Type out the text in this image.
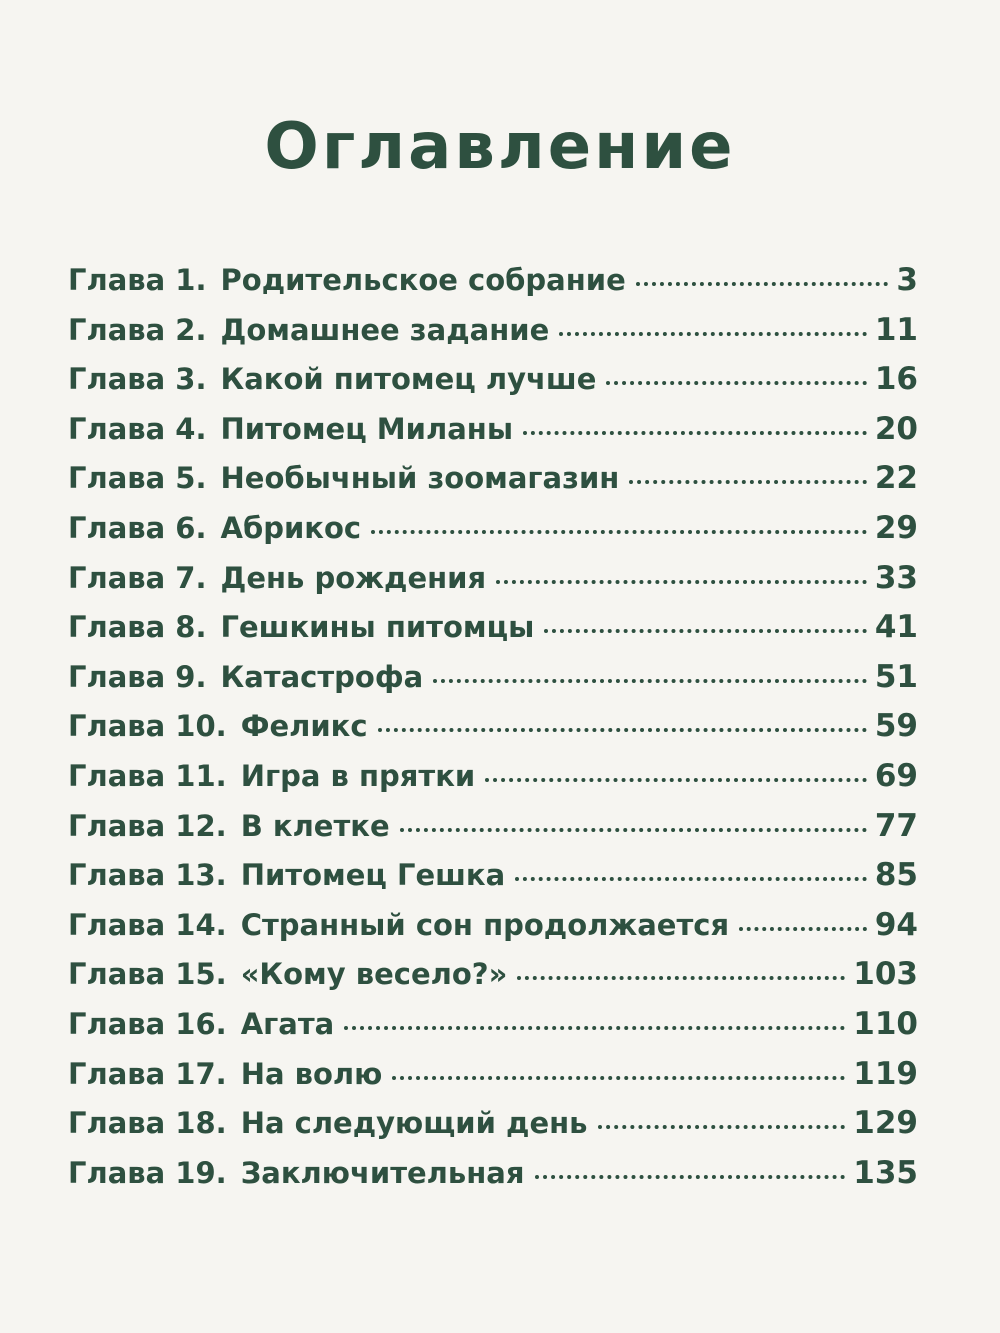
Оглавление
Глава 1. Родительское собрание	3
Глава 2. Домашнее задание	11
Глава 3. Какой питомец лучше	16
Глава 4. Питомец Миланы	20
Глава 5. Необычный зоомагазин	22
Глава 6. Абрикос	29
Глава 7. День рождения	33
Глава 8. Гешкины питомцы	41
Глава 9. Катастрофа	51
Глава 10. Феликс	59
Глава 11. Игра в прятки	69
Глава 12. В клетке	77
Глава 13. Питомец Гешка	85
Глава 14. Странный сон продолжается	94
Глава 15. «Кому весело?»	103
Глава 16. Агата	110
Глава 17. На волю	119
Глава 18. На следующий день	129
Глава 19. Заключительная	135
